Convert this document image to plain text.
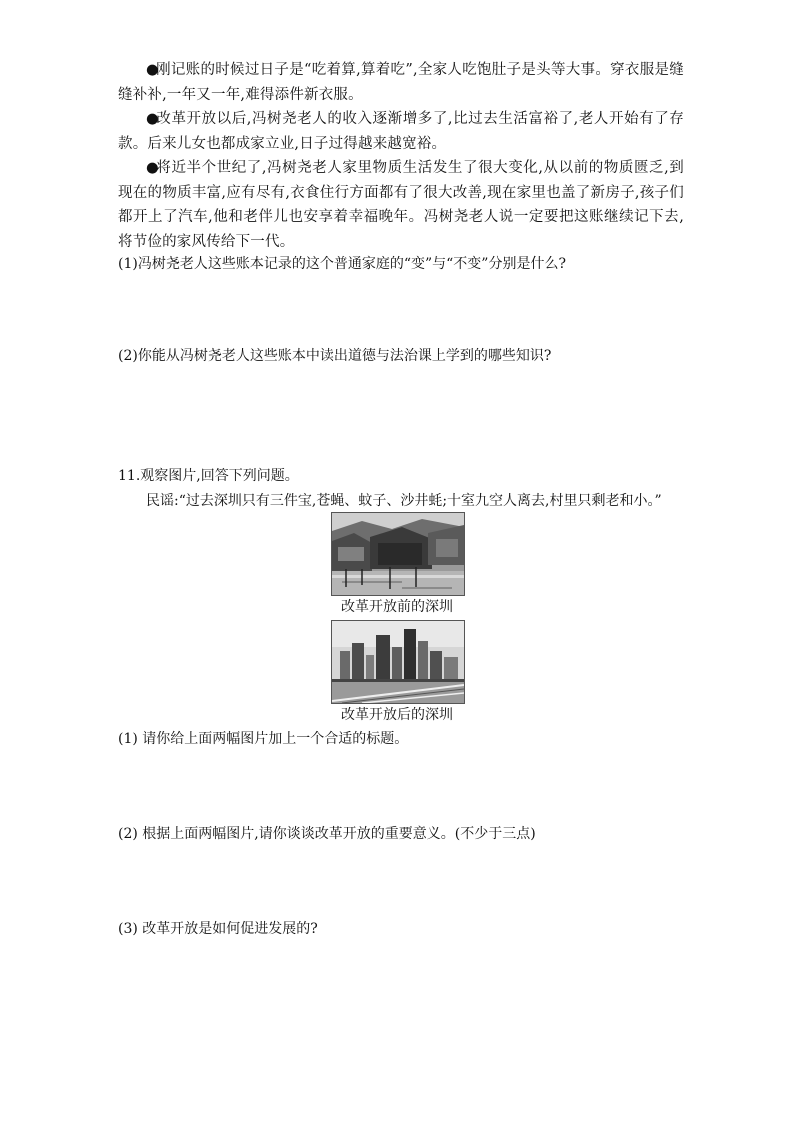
●刚记账的时候过日子是“吃着算,算着吃”,全家人吃饱肚子是头等大事。穿衣服是缝缝补补,一年又一年,难得添件新衣服。
●改革开放以后,冯树尧老人的收入逐渐增多了,比过去生活富裕了,老人开始有了存款。后来儿女也都成家立业,日子过得越来越宽裕。
●将近半个世纪了,冯树尧老人家里物质生活发生了很大变化,从以前的物质匮乏,到现在的物质丰富,应有尽有,衣食住行方面都有了很大改善,现在家里也盖了新房子,孩子们都开上了汽车,他和老伴儿也安享着幸福晚年。冯树尧老人说一定要把这账继续记下去,将节俭的家风传给下一代。
(1)冯树尧老人这些账本记录的这个普通家庭的“变”与“不变”分别是什么?
(2)你能从冯树尧老人这些账本中读出道德与法治课上学到的哪些知识?
11.观察图片,回答下列问题。
民谣:“过去深圳只有三件宝,苍蝇、蚊子、沙井蚝;十室九空人离去,村里只剩老和小。”
改革开放前的深圳
改革开放后的深圳
(1) 请你给上面两幅图片加上一个合适的标题。
(2) 根据上面两幅图片,请你谈谈改革开放的重要意义。(不少于三点)
(3) 改革开放是如何促进发展的?
